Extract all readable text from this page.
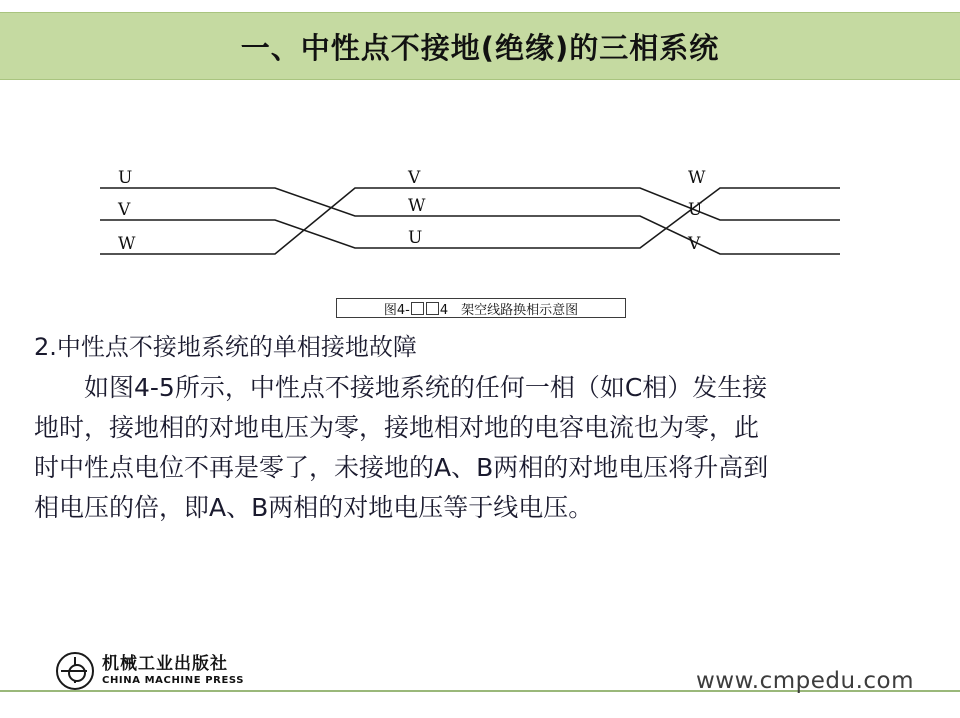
一、中性点不接地(绝缘)的三相系统
U
V
W
V
W
U
W
U
V
图4- 4　架空线路换相示意图
2.中性点不接地系统的单相接地故障
　　如图4-5所示，中性点不接地系统的任何一相（如C相）发生接
地时，接地相的对地电压为零，接地相对地的电容电流也为零，此
时中性点电位不再是零了，未接地的A、B两相的对地电压将升高到
相电压的倍，即A、B两相的对地电压等于线电压。
机械工业出版社
CHINA MACHINE PRESS	www.cmpedu.com
